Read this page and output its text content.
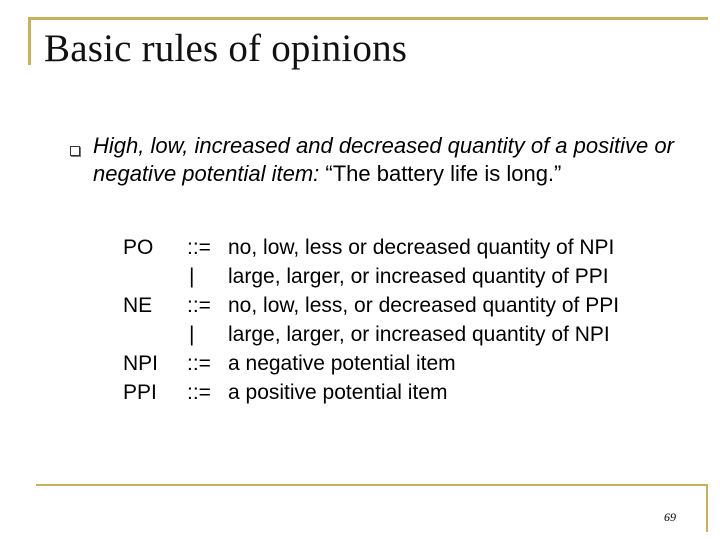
Basic rules of opinions
High, low, increased and decreased quantity of a positive or negative potential item: “The battery life is long.”
PO ::= no, low, less or decreased quantity of NPI
| large, larger, or increased quantity of PPI
NE ::= no, low, less, or decreased quantity of PPI
| large, larger, or increased quantity of NPI
NPI ::= a negative potential item
PPI ::= a positive potential item
69
